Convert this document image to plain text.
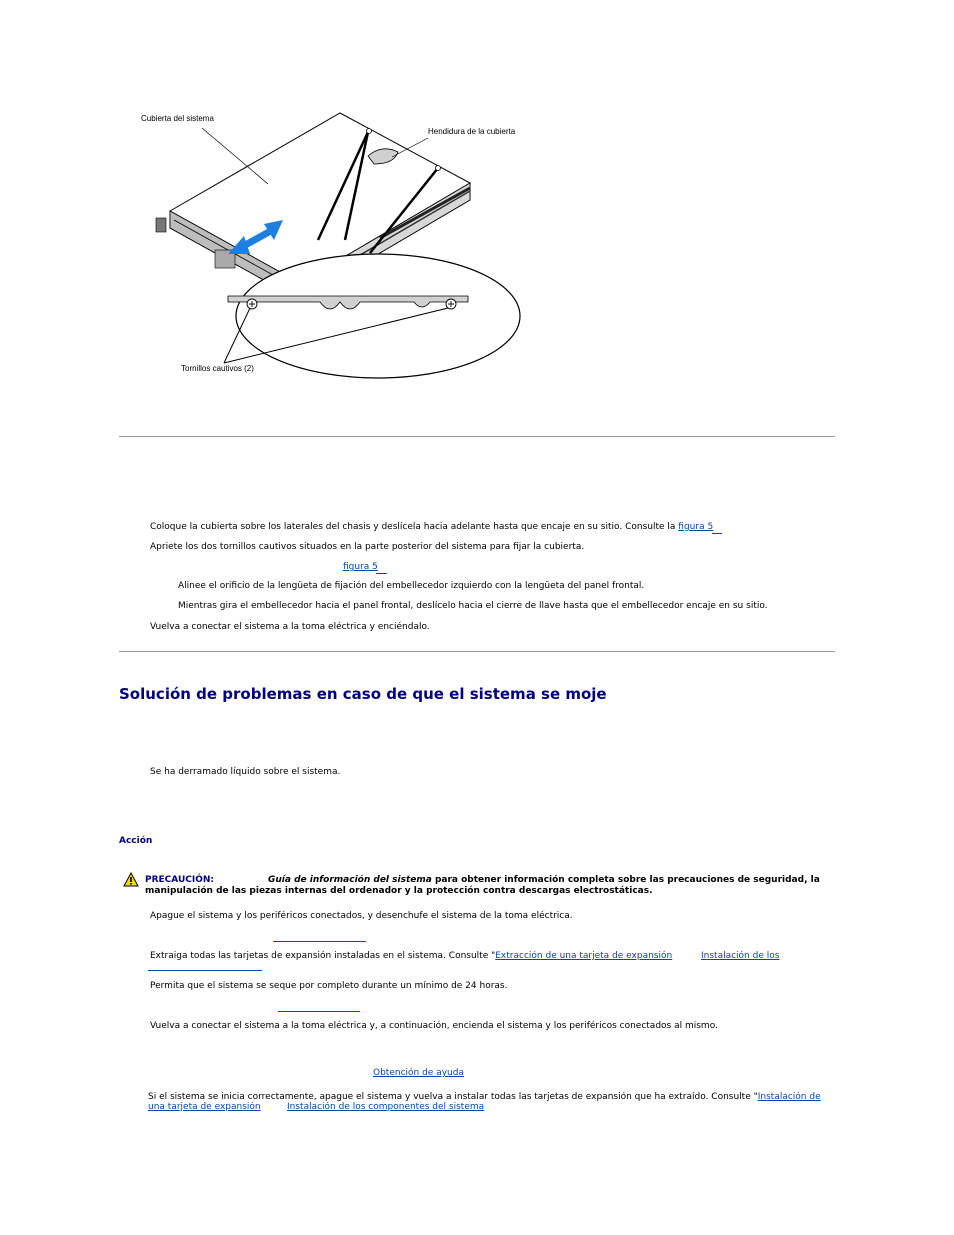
Cubierta del sistema
Hendidura de la cubierta
Tornillos cautivos (2)
Coloque la cubierta sobre los laterales del chasis y deslícela hacia adelante hasta que encaje en su sitio. Consulte la figura 5
Apriete los dos tornillos cautivos situados en la parte posterior del sistema para fijar la cubierta.
figura 5
Alinee el orificio de la lengüeta de fijación del embellecedor izquierdo con la lengüeta del panel frontal.
Mientras gira el embellecedor hacia el panel frontal, deslícelo hacia el cierre de llave hasta que el embellecedor encaje en su sitio.
Vuelva a conectar el sistema a la toma eléctrica y enciéndalo.
Solución de problemas en caso de que el sistema se moje
Se ha derramado líquido sobre el sistema.
Acción
PRECAUCIÓN:	Guía de información del sistema para obtener información completa sobre las precauciones de seguridad, la
manipulación de las piezas internas del ordenador y la protección contra descargas electrostáticas.
Apague el sistema y los periféricos conectados, y desenchufe el sistema de la toma eléctrica.
Extraiga todas las tarjetas de expansión instaladas en el sistema. Consulte "Extracción de una tarjeta de expansión	Instalación de los
Permita que el sistema se seque por completo durante un mínimo de 24 horas.
Vuelva a conectar el sistema a la toma eléctrica y, a continuación, encienda el sistema y los periféricos conectados al mismo.
Obtención de ayuda
Si el sistema se inicia correctamente, apague el sistema y vuelva a instalar todas las tarjetas de expansión que ha extraído. Consulte "Instalación de
una tarjeta de expansión	Instalación de los componentes del sistema
